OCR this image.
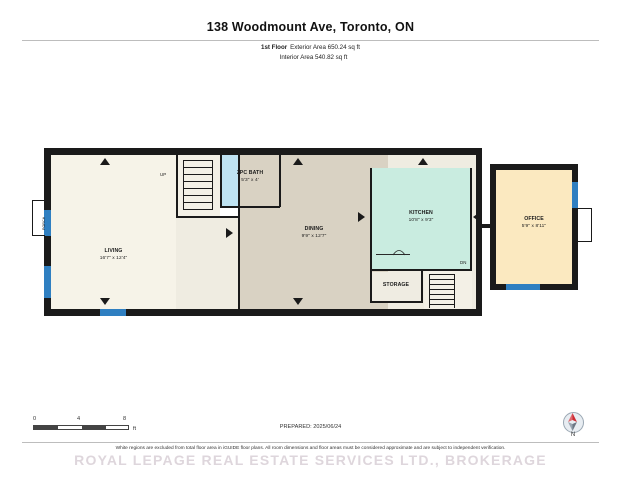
138 Woodmount Ave, Toronto, ON
1st Floor Exterior Area 650.24 sq ft
Interior Area 540.82 sq ft
PORCH
UP
DN
LIVING
16'7" x 12'4"
2PC BATH
5'3" x 4'
DINING
9'9" x 12'7"
KITCHEN
10'8" x 9'3"	OFFICE
5'9" x 8'11"
STORAGE
0	4	8
ft	PREPARED: 2025/06/24
N
White regions are excluded from total floor area in iGUIDE floor plans. All room dimensions and floor areas must be considered approximate and are subject to independent verification.
ROYAL LEPAGE REAL ESTATE SERVICES LTD., BROKERAGE
